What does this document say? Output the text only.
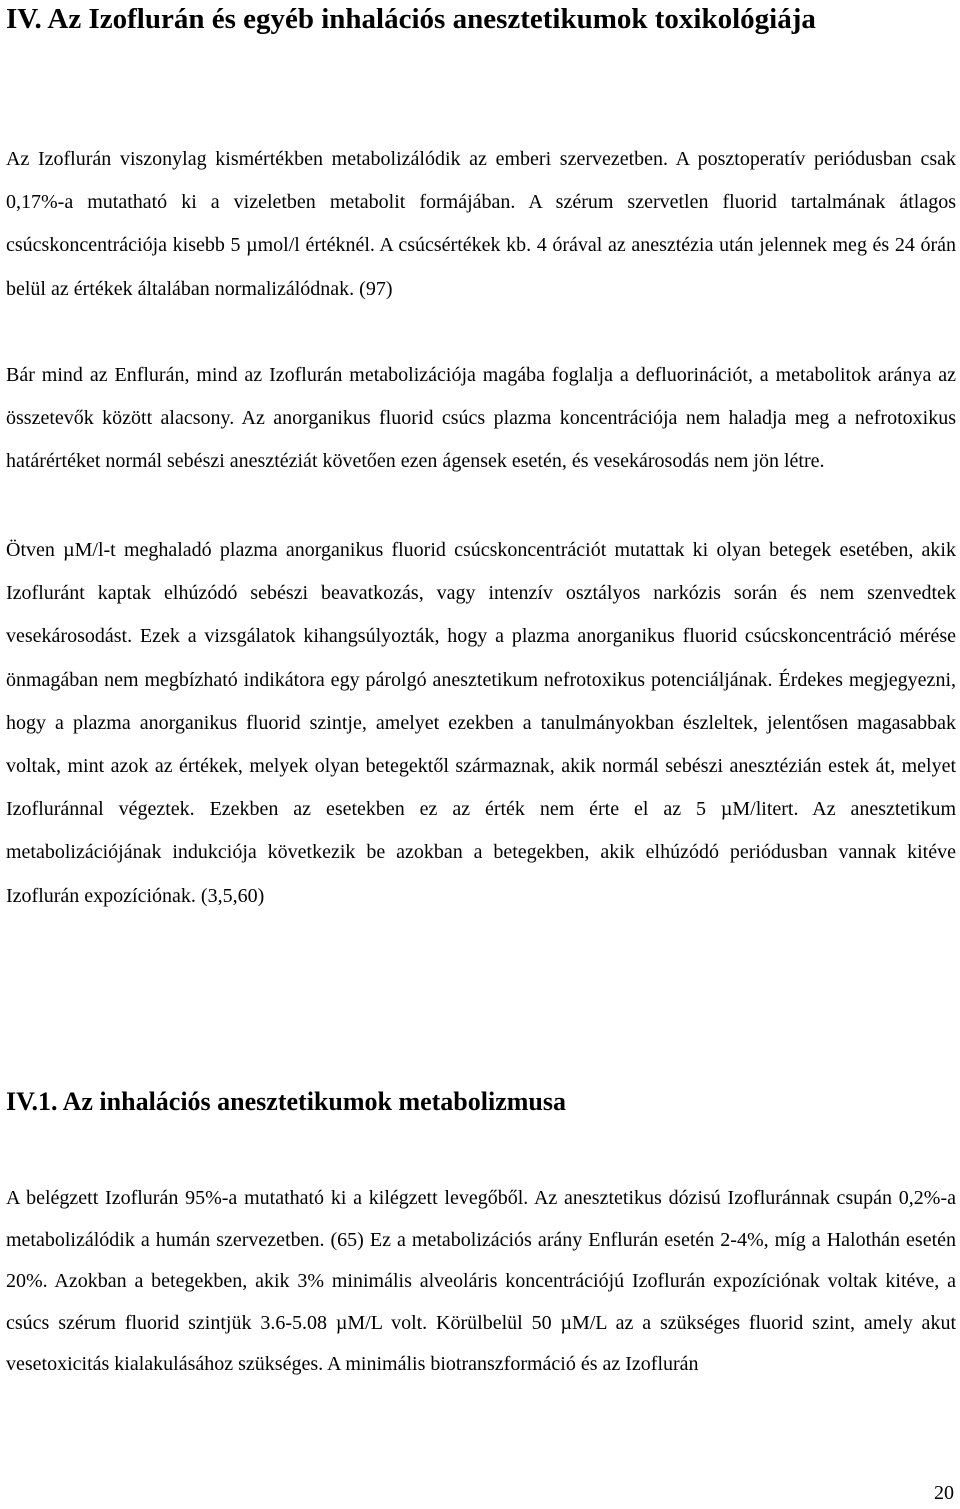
IV. Az Izoflurán és egyéb inhalációs anesztetikumok toxikológiája

Az Izoflurán viszonylag kismértékben metabolizálódik az emberi szervezetben. A posztoperatív periódusban csak 0,17%-a mutatható ki a vizeletben metabolit formájában. A szérum szervetlen fluorid tartalmának átlagos csúcskoncentrációja kisebb 5 µmol/l értéknél. A csúcsértékek kb. 4 órával az anesztézia után jelennek meg és 24 órán belül az értékek általában normalizálódnak. (97)

Bár mind az Enflurán, mind az Izoflurán metabolizációja magába foglalja a defluorinációt, a metabolitok aránya az összetevők között alacsony. Az anorganikus fluorid csúcs plazma koncentrációja nem haladja meg a nefrotoxikus határértéket normál sebészi anesztéziát követően ezen ágensek esetén, és vesekárosodás nem jön létre.

Ötven µM/l-t meghaladó plazma anorganikus fluorid csúcskoncentrációt mutattak ki olyan betegek esetében, akik Izofluránt kaptak elhúzódó sebészi beavatkozás, vagy intenzív osztályos narkózis során és nem szenvedtek vesekárosodást. Ezek a vizsgálatok kihangsúlyozták, hogy a plazma anorganikus fluorid csúcskoncentráció mérése önmagában nem megbízható indikátora egy párolgó anesztetikum nefrotoxikus potenciáljának. Érdekes megjegyezni, hogy a plazma anorganikus fluorid szintje, amelyet ezekben a tanulmányokban észleltek, jelentősen magasabbak voltak, mint azok az értékek, melyek olyan betegektől származnak, akik normál sebészi anesztézián estek át, melyet Izofluránnal végeztek. Ezekben az esetekben ez az érték nem érte el az 5 µM/litert. Az anesztetikum metabolizációjának indukciója következik be azokban a betegekben, akik elhúzódó periódusban vannak kitéve Izoflurán expozíciónak. (3,5,60)

IV.1. Az inhalációs anesztetikumok metabolizmusa

A belégzett Izoflurán 95%-a mutatható ki a kilégzett levegőből. Az anesztetikus dózisú Izofluránnak csupán 0,2%-a metabolizálódik a humán szervezetben. (65) Ez a metabolizációs arány Enflurán esetén 2-4%, míg a Halothán esetén 20%. Azokban a betegekben, akik 3% minimális alveoláris koncentrációjú Izoflurán expozíciónak voltak kitéve, a csúcs szérum fluorid szintjük 3.6-5.08 µM/L volt. Körülbelül 50 µM/L az a szükséges fluorid szint, amely akut vesetoxicitás kialakulásához szükséges. A minimális biotranszformáció és az Izoflurán

20
